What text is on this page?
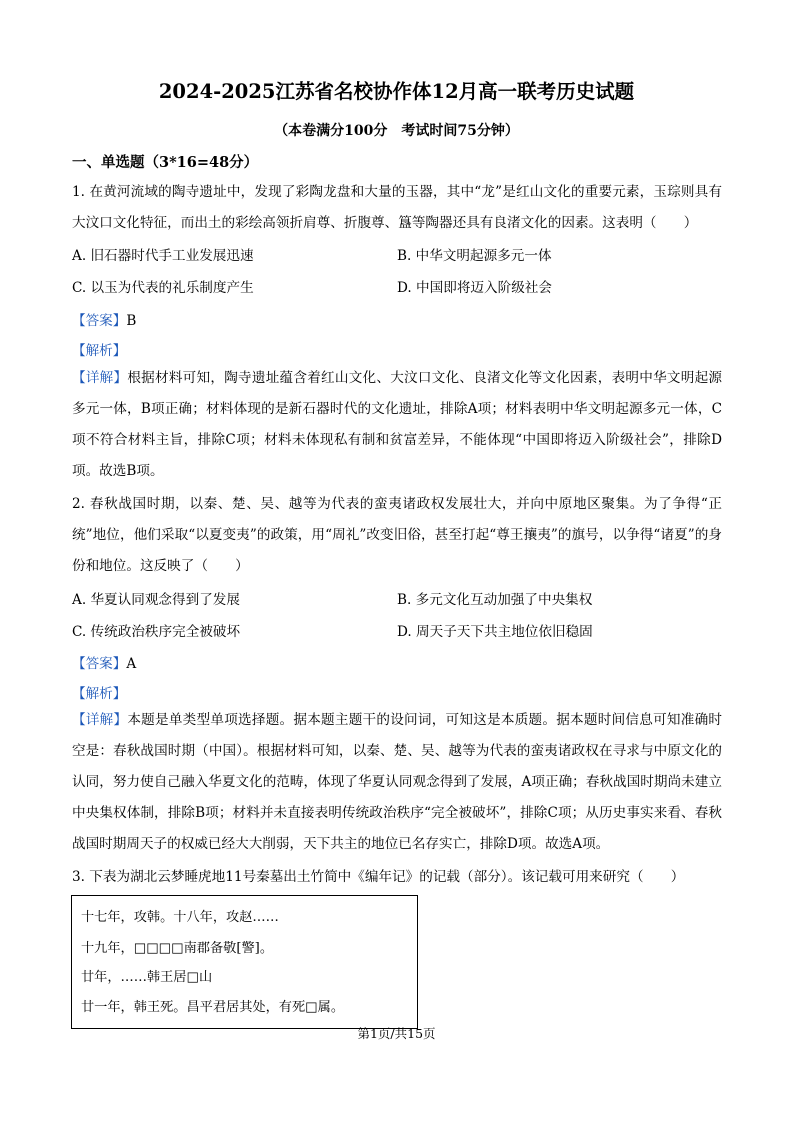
2024-2025江苏省名校协作体12月高一联考历史试题
（本卷满分100分　考试时间75分钟）
一、单选题（3*16=48分）

1. 在黄河流域的陶寺遗址中，发现了彩陶龙盘和大量的玉器，其中“龙”是红山文化的重要元素，玉琮则具有大汶口文化特征，而出土的彩绘高领折肩尊、折腹尊、簋等陶器还具有良渚文化的因素。这表明（　　）

A. 旧石器时代手工业发展迅速	B. 中华文明起源多元一体
C. 以玉为代表的礼乐制度产生	D. 中国即将迈入阶级社会
【答案】B
【解析】

【详解】根据材料可知，陶寺遗址蕴含着红山文化、大汶口文化、良渚文化等文化因素，表明中华文明起源多元一体，B项正确；材料体现的是新石器时代的文化遗址，排除A项；材料表明中华文明起源多元一体，C项不符合材料主旨，排除C项；材料未体现私有制和贫富差异，不能体现“中国即将迈入阶级社会”，排除D项。故选B项。

2. 春秋战国时期，以秦、楚、吴、越等为代表的蛮夷诸政权发展壮大，并向中原地区聚集。为了争得“正统”地位，他们采取“以夏变夷”的政策，用“周礼”改变旧俗，甚至打起“尊王攘夷”的旗号，以争得“诸夏”的身份和地位。这反映了（　　）

A. 华夏认同观念得到了发展	B. 多元文化互动加强了中央集权
C. 传统政治秩序完全被破坏	D. 周天子天下共主地位依旧稳固
【答案】A
【解析】

【详解】本题是单类型单项选择题。据本题主题干的设问词，可知这是本质题。据本题时间信息可知准确时空是：春秋战国时期（中国）。根据材料可知，以秦、楚、吴、越等为代表的蛮夷诸政权在寻求与中原文化的认同，努力使自己融入华夏文化的范畴，体现了华夏认同观念得到了发展，A项正确；春秋战国时期尚未建立中央集权体制，排除B项；材料并未直接表明传统政治秩序“完全被破坏”，排除C项；从历史事实来看、春秋战国时期周天子的权威已经大大削弱，天下共主的地位已名存实亡，排除D项。故选A项。

3. 下表为湖北云梦睡虎地11号秦墓出土竹简中《编年记》的记载（部分）。该记载可用来研究（　　）

十七年，攻韩。十八年，攻赵……
十九年，□□□□南郡备敬[警]。
廿年，……韩王居□山
廿一年，韩王死。昌平君居其处，有死□属。
第1页/共15页
